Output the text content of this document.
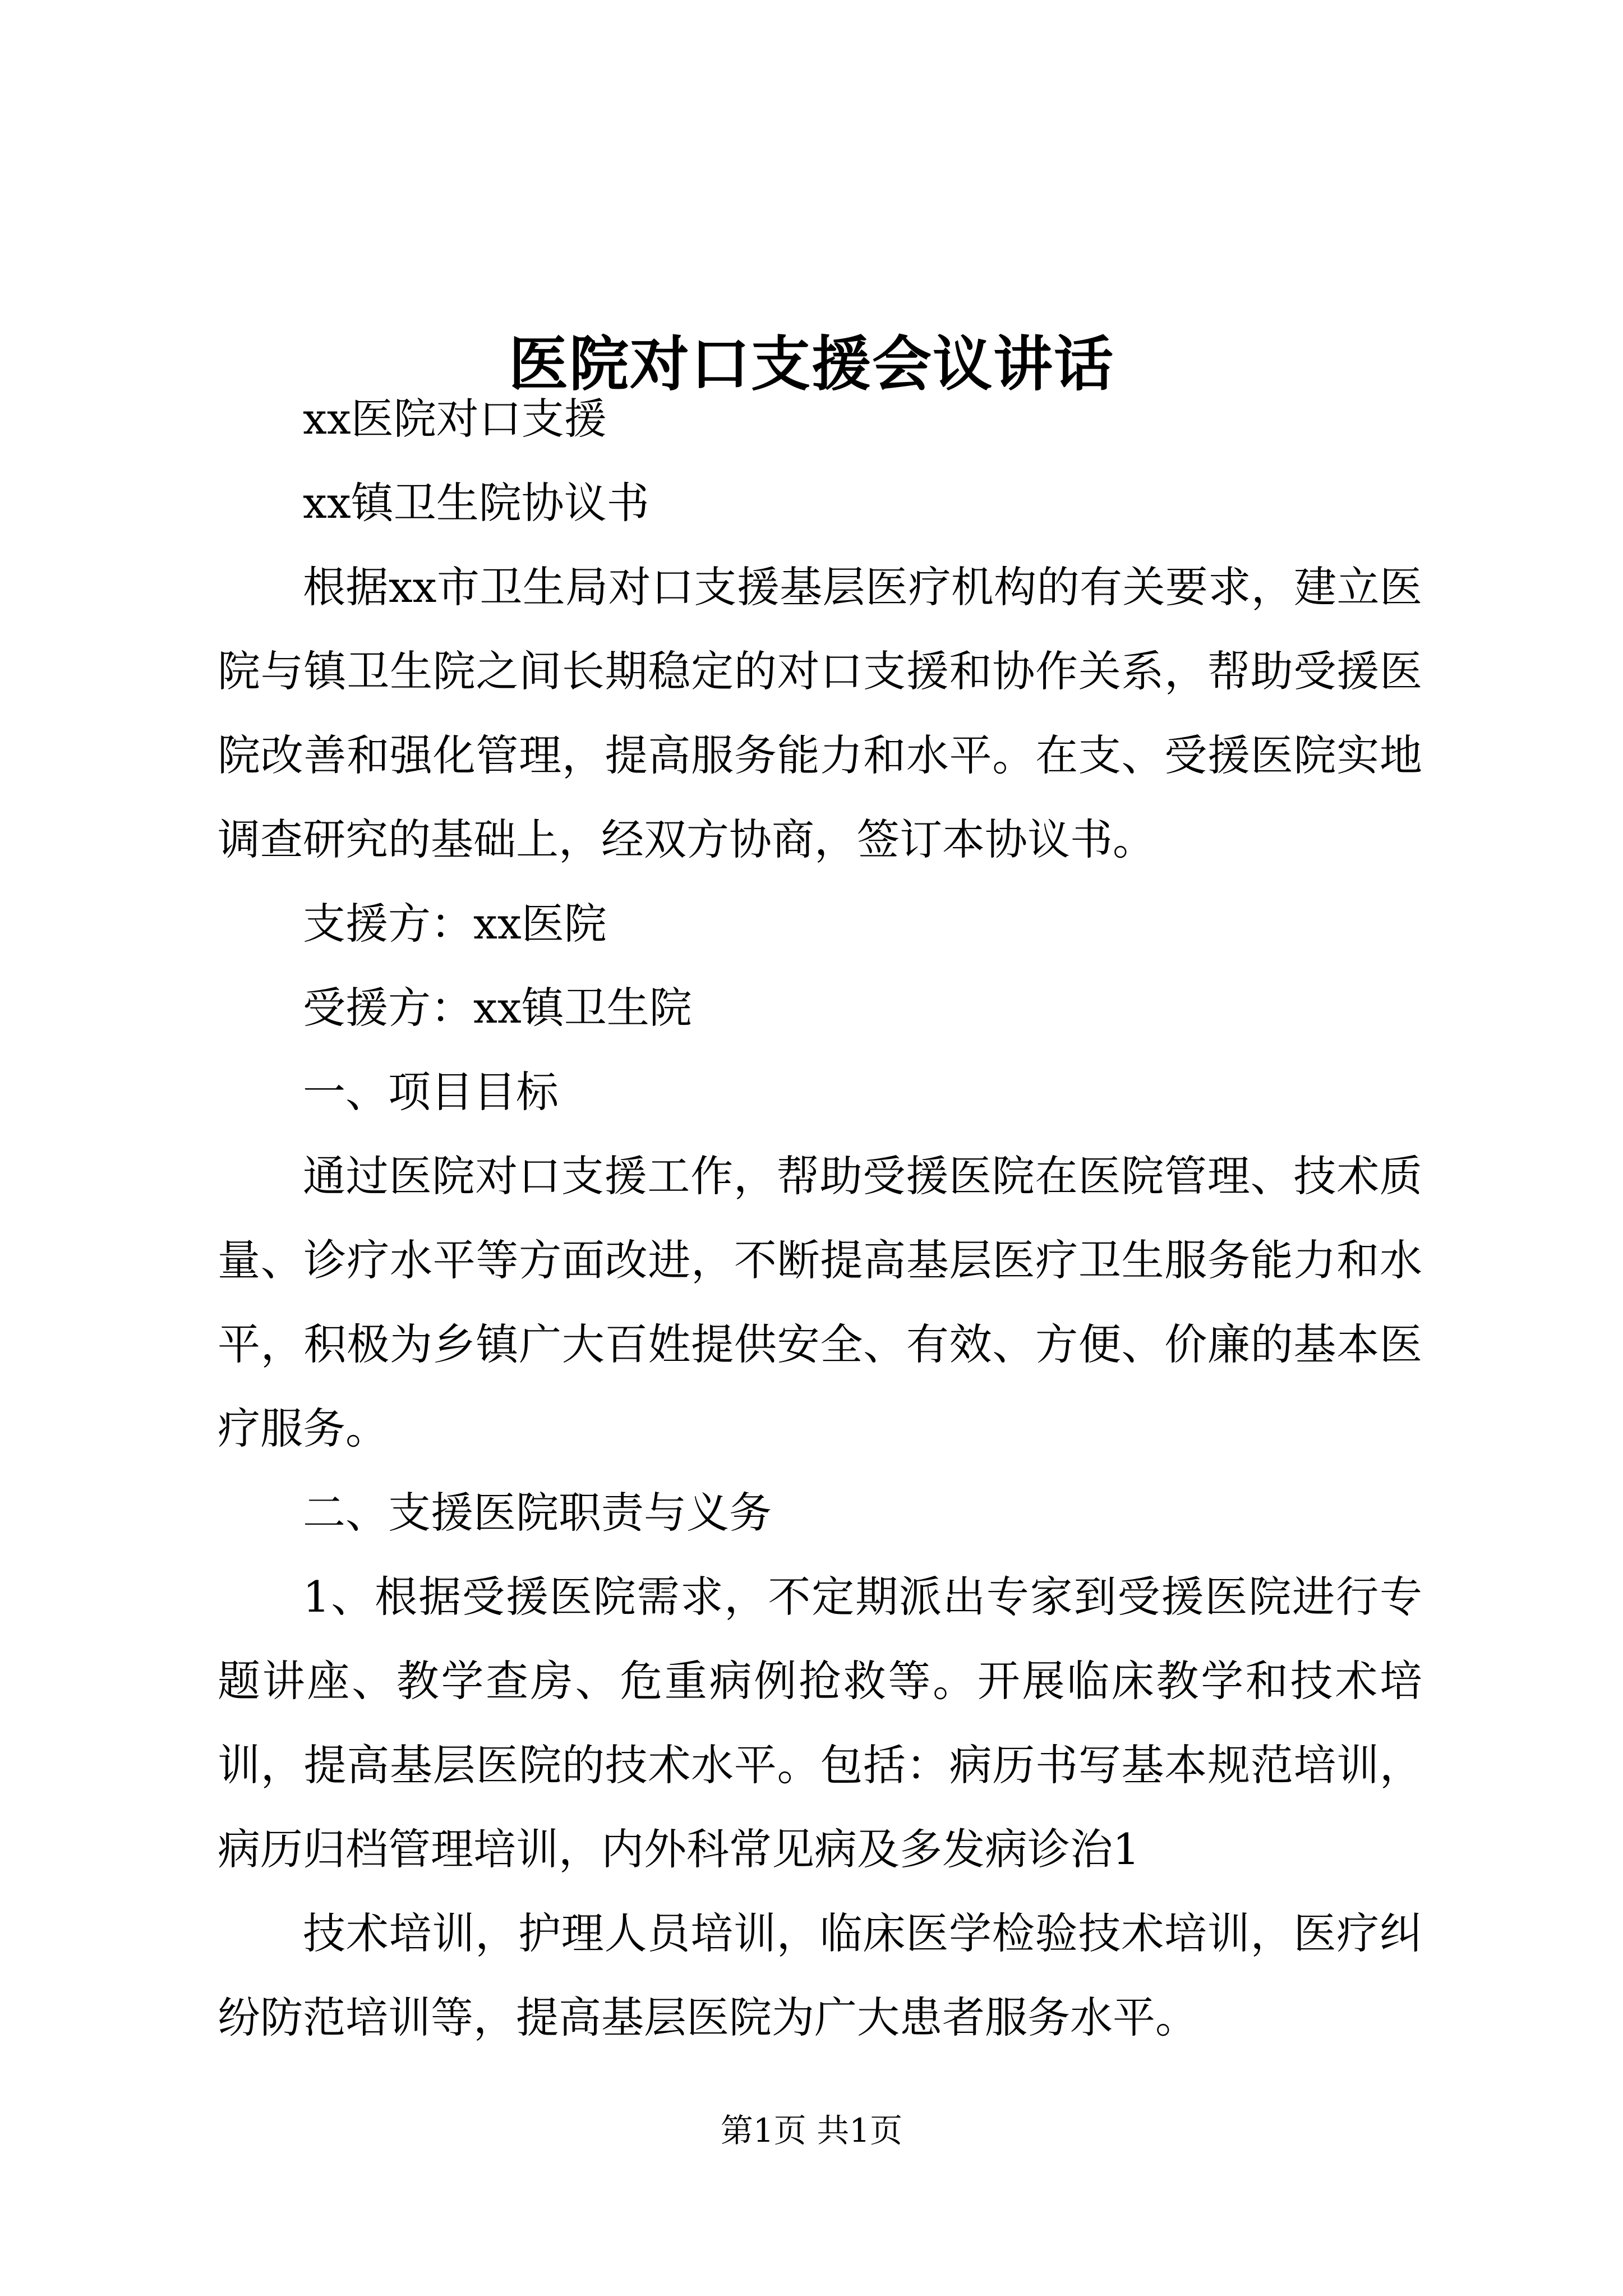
医院对口支援会议讲话

xx医院对口支援

xx镇卫生院协议书

根据xx市卫生局对口支援基层医疗机构的有关要求，建立医院与镇卫生院之间长期稳定的对口支援和协作关系，帮助受援医院改善和强化管理，提高服务能力和水平。在支、受援医院实地调查研究的基础上，经双方协商，签订本协议书。

支援方：xx医院

受援方：xx镇卫生院

一、项目目标

通过医院对口支援工作，帮助受援医院在医院管理、技术质量、诊疗水平等方面改进，不断提高基层医疗卫生服务能力和水平，积极为乡镇广大百姓提供安全、有效、方便、价廉的基本医疗服务。

二、支援医院职责与义务

1、根据受援医院需求，不定期派出专家到受援医院进行专题讲座、教学查房、危重病例抢救等。开展临床教学和技术培训，提高基层医院的技术水平。包括：病历书写基本规范培训，病历归档管理培训，内外科常见病及多发病诊治1

技术培训，护理人员培训，临床医学检验技术培训，医疗纠纷防范培训等，提高基层医院为广大患者服务水平。

第1页 共1页
